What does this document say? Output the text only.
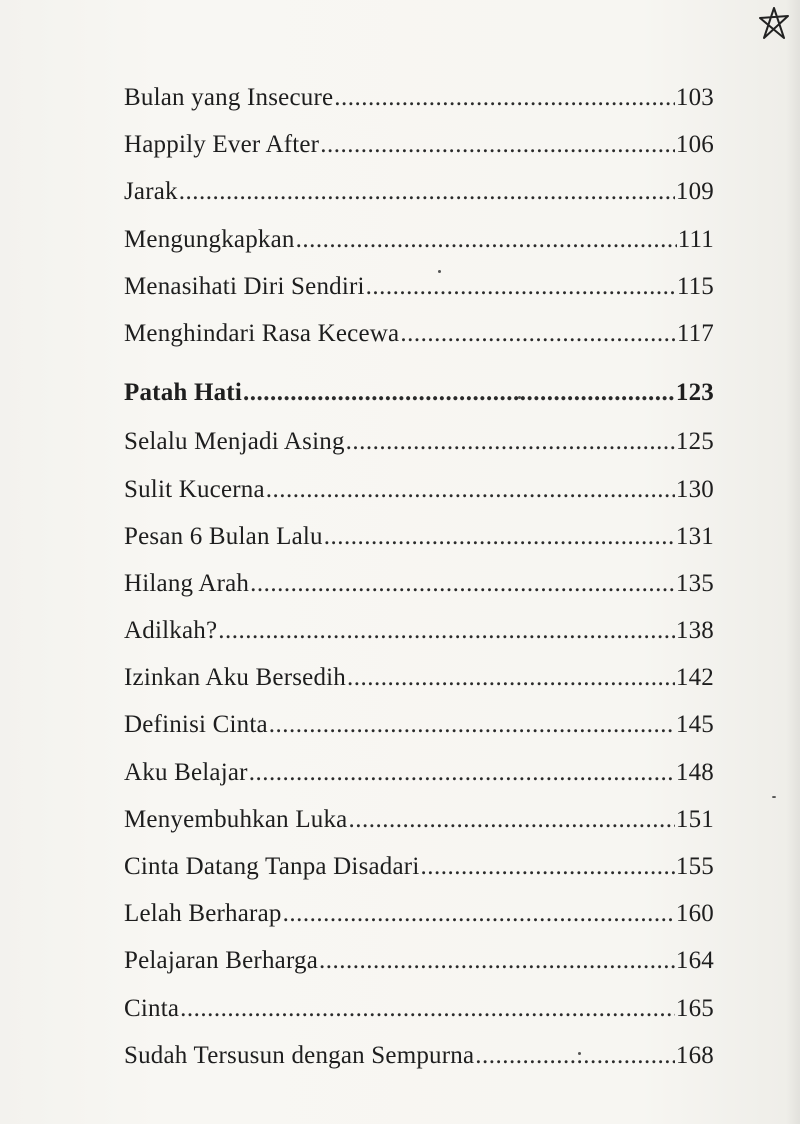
Bulan yang Insecure .....	103
Happily Ever After .....	106
Jarak .....	109
Mengungkapkan .....	111
Menasihati Diri Sendiri .....	115
Menghindari Rasa Kecewa .....	117
Patah Hati .....	123
Selalu Menjadi Asing .....	125
Sulit Kucerna .....	130
Pesan 6 Bulan Lalu .....	131
Hilang Arah .....	135
Adilkah? .....	138
Izinkan Aku Bersedih .....	142
Definisi Cinta .....	145
Aku Belajar .....	148
Menyembuhkan Luka .....	151
Cinta Datang Tanpa Disadari .....	155
Lelah Berharap .....	160
Pelajaran Berharga .....	164
Cinta .....	165
Sudah Tersusun dengan Sempurna .....	168
